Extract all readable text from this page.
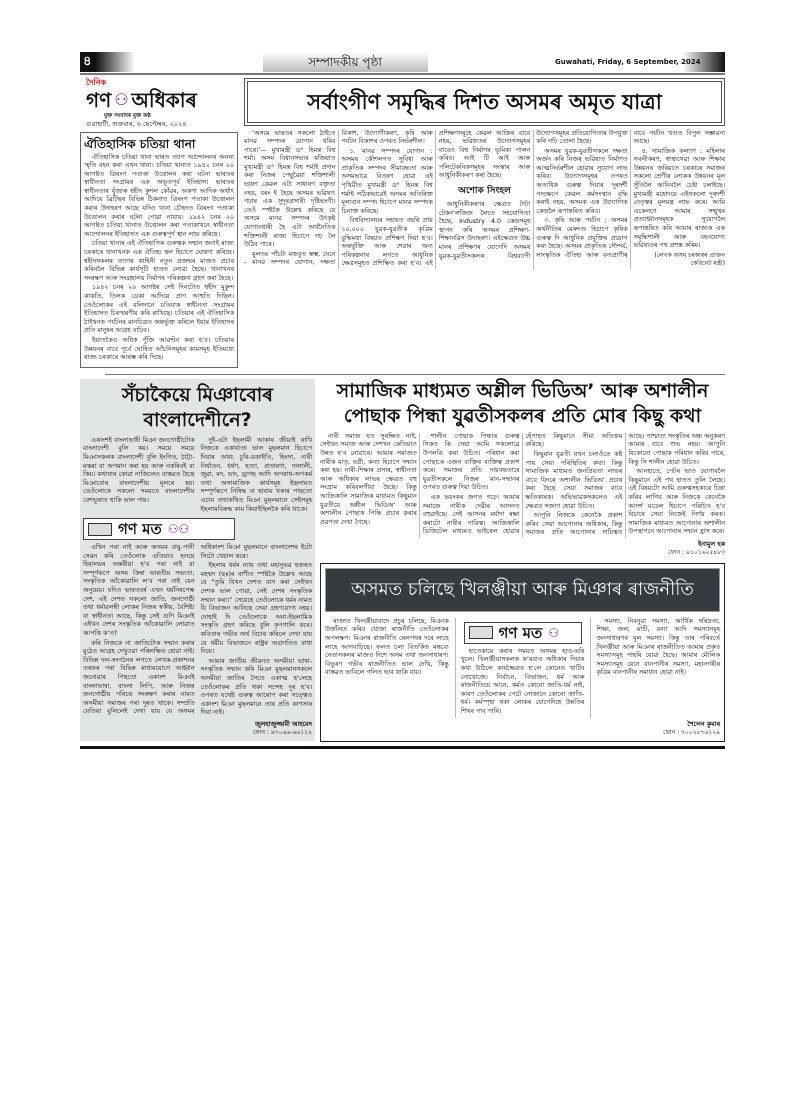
৪	সম্পাদকীয় পৃষ্ঠা	Guwahati, Friday, 6 September, 2024
দৈনিক
গণ ⚇ অধিকাৰ
মুক্ত সংবাদৰ মুক্ত কণ্ঠ
গুৱাহাটী, শুক্ৰবাৰ, ৬ ছেপ্টেম্বৰ, ২০২৪
ঐতিহাসিক চতিয়া থানা

ঐতিহাসিক চতিয়া থানা ভাৰত ত্যাগ আন্দোলনৰ অনন্য স্মৃতি বহন কৰা এখন থানা। চতিয়া থানাত ১৯৪২ চনৰ ২০ আগষ্টত ত্ৰিৰংগ পতাকা উত্তোলন কৰা ঘটনা ভাৰতৰ স্বাধীনতা সংগ্ৰামৰ এক অভূতপূৰ্ব ইতিহাস। ভাৰতৰ স্বাধীনতাৰ যুঁজাৰু শ্বহীদ কুশল কোঁৱৰ, অকণা আদিক অৰ্থাৎ আদিয়ে ব্ৰিটিছৰ বিভিন্ন ঠিকনাত ত্ৰিৰংগ পতাকা উত্তোলন কৰাৰ উদাহৰণ আছে যদিও থানা চৌহদত ত্ৰিৰংগ পতাকা উত্তোলন কৰাৰ ঘটনা পোৱা নাযায়। ১৯৪২ চনৰ ২০ আগষ্টত চতিয়া থানাত উত্তোলন কৰা পতাকাখনে স্বাধীনতা আন্দোলনৰ ইতিহাসত এক গুৰুত্বপূৰ্ণ স্থান লাভ কৰিছে।

চতিয়া থানাৰ এই ঐতিহাসিক গুৰুত্বক সন্মান জনাই ৰাজ্য চৰকাৰে থানাখনক এক ঐতিহ্য স্থল হিচাপে ঘোষণা কৰিছে। শ্বহীদসকলৰ ত্যাগৰ কাহিনী নতুন প্ৰজন্মৰ মাজত প্ৰচাৰ কৰিবলৈ বিভিন্ন কাৰ্যসূচী হাতত লোৱা হৈছে। থানাখনৰ সংৰক্ষণ আৰু সংগ্ৰহালয় নিৰ্মাণৰ পৰিকল্পনা গ্ৰহণ কৰা হৈছে।

১৯৪২ চনৰ ২০ আগষ্টৰ সেই দিনটোত শ্বহীদ মুকুন্দ কাকতি, তিলক ডেকা আদিয়ে প্ৰাণ আহুতি দিছিল। তেওঁলোকৰ এই বলিদানে চতিয়াক স্বাধীনতা সংগ্ৰামৰ ইতিহাসত চিৰস্মৰণীয় কৰি ৰাখিছে। চতিয়াৰ এই ঐতিহাসিক ঠাইখনক পৰ্যটনৰ মানচিত্ৰত অন্তৰ্ভুক্ত কৰিলে ইয়াৰ ইতিহাসৰ প্ৰতি মানুষৰ আগ্ৰহ বাঢ়িব।

ইয়াতকৈও অধিক পুঁজি আৱণ্টন কৰা হ’ব। চতিয়াৰ উন্নয়নৰ বাবে পূৰ্বে ঘোষিত আঁচনিসমূহৰ কামসমূহ ইতিমধ্যে ৰাজ্য চৰকাৰে আৰম্ভ কৰি দিছে।

সৰ্বাংগীণ সমৃদ্ধিৰ দিশত অসমৰ অমৃত যাত্ৰা

‘অসমে ভাৰতৰ সকলো ঠাইতে মানৱ সম্পদৰ যোগান ধৰিব পাৰে।’— মুখ্যমন্ত্ৰী ড° হিমন্ত বিশ্ব শৰ্মা। অসম বিধানসভাৰ মজিয়াত মুখ্যমন্ত্ৰী ড° হিমন্ত বিশ্ব শৰ্মাই প্ৰদান কৰা নিজৰ পেছুৱৈয়া শক্তিশালী ভাষণ কেৱল এটা সাধাৰণ বক্তৃতা নহয়, বৰং ই হৈছে অসমৰ ভৱিষ্যৎ গঢ়াৰ এক সুদূৰপ্ৰসাৰী দৃষ্টিভংগী। তেওঁ স্পষ্টকৈ উল্লেখ কৰিছে যে অসমে মানৱ সম্পদৰ উৎকৃষ্ট যোগানধাৰী হৈ এটা অৰ্থনৈতিক শক্তিশালী ৰাজ্য হিচাপে গঢ় লৈ উঠিব পাৰে।

মুলতঃ পাঁচটা মজবুত স্তম্ভ, যেনে - মানৱ সম্পদৰ যোগান, দক্ষতা বিকাশ, উদ্যোগীকৰণ, কৃষি আৰু পৰ্যটন বিকাশৰ ওপৰত নিৰ্ভৰশীল।

১. মানৱ সম্পদৰ যোগান : অসমৰ কৌশলগত সুবিধা আৰু প্ৰাকৃতিক সম্পদৰ সীমাবদ্ধতা আৰু অসমভাৱে বিতৰণ হোৱা এই পৃথিৱীত মুখ্যমন্ত্ৰী ড° হিমন্ত বিশ্ব শৰ্মাই সঠিকভাৱেই অসমৰ অতিৰিক্ত মূল্যবান সম্পদ হিচাপে মানৱ সম্পদক চিনাক্ত কৰিছে।

বিশ্ববিদ্যালয়ৰ সহায়ত বছৰি প্ৰায় ১০,০০০ যুৱক-যুৱতীক কৃত্ৰিম বুদ্ধিমত্তা বিষয়ত প্ৰশিক্ষণ দিয়া হ’ব। অন্তৰ্ভুক্তি আৰু শেৱাৰ অন্য পৰিকল্পনাৰ লগতে আধুনিক ক্ষেত্ৰসমূহত প্ৰশিক্ষিত কৰা হ’ব। এই প্ৰশিক্ষণসমূহে কেৱল আজিৰ বাবে নহয়, ভৱিষ্যতৰ উদ্যোগসমূহৰ বাবেও বিশ্ব নিৰ্মাণৰ ভূমিকা পালন কৰিব। আই টি আই আৰু পলিটেকনিকসমূহৰ সংস্কাৰ আৰু আধুনিকীকৰণ কৰা হৈছে।

অশোক সিংহল

আধুনিকীকৰণৰ ক্ষেত্ৰত টাটা টেকন’লজিজ লৈতে সহযোগিতা হৈছে, Industry 4.0 কেন্দ্ৰসমূহ স্থাপন কৰি অসমৰ প্ৰশিক্ষণ-শিক্ষানৱিস উদাহৰণ। এইক্ষেত্ৰত উচ্চ মানৰ প্ৰশিক্ষণৰ যোগেদি অসমৰ যুৱক-যুৱতীসকলক বিশ্বব্যাপী উদ্যোগসমূহৰ প্ৰতিযোগিতাৰ উপযুক্ত কৰি গঢ়ি তোলা হৈছে।

অসমৰ যুৱক-যুৱতীসকলে দক্ষতা অৰ্জন কৰি নিজৰ ভৱিষ্যত নিৰ্মাণত আত্মনিৰ্ভৰশীল হোৱাৰ সুযোগ লাভ কৰিব। উদ্যোগসমূহৰ ওপৰত অত্যধিক গুৰুত্ব দিয়াৰ দূৰদৰ্শী পদক্ষেপে কেৱল কৰ্মসংস্থান বৃদ্ধি কৰাই নহয়, অসমক এক উদ্যোগিক কেন্দ্ৰলৈ ৰূপান্তৰিত কৰিব।

৩. কৃষি আৰু পৰ্যটন : অসমৰ অৰ্থনীতিৰ মেৰুদণ্ড হিচাপে কৃষিক গুৰুত্ব দি আধুনিক প্ৰযুক্তিৰ প্ৰয়োগ কৰা হৈছে। অসমৰ প্ৰাকৃতিক সৌন্দৰ্য, সাংস্কৃতিক ঐতিহ্য আৰু বন্যপ্ৰাণীৰ বাবে পৰ্যটন খণ্ডত বিপুল সম্ভাৱনা আছে।

৪. সামাজিক কল্যাণ : মহিলাৰ সবলীকৰণ, স্বাস্থ্যসেৱা আৰু শিক্ষাৰ উন্নয়নৰ জৰিয়তে চৰকাৰে সমাজৰ সকলো শ্ৰেণীৰ লোকক উন্নয়নৰ মূল সুঁতিলৈ আনিবলৈ চেষ্টা চলাইছে। মুখ্যমন্ত্ৰী মহোদয়ে এইসকলো দূৰদৰ্শী নেতৃত্বৰ মূলমন্ত্ৰ লাভ কৰে। আমি একেলগে আমাৰ সন্মুখৰ প্ৰত্যাহ্বানসমূহক সুযোগলৈ ৰূপান্তৰিত কৰি আমাৰ ৰাজ্যক এক সমৃদ্ধিশালী আৰু বহনযোগ্য ভৱিষ্যতৰ পথ প্ৰশস্ত কৰিম।

(লেখক অসম চৰকাৰৰ প্ৰাক্তন কেবিনেট মন্ত্ৰী)

সঁচাকৈয়ে মিঞাবোৰ বাংলাদেশীনে?

একাংশই বাংলাভাষী মিঞা জনগোষ্ঠীটোক বাংলাদেশী বুলি কয়। সময়ে সময়ে মিঞাসকলক বাংলাদেশী বুলি ইংগিত, ঠাট্টা-মস্কৰা বা অপমান কৰা হয় আৰু নকৰিবই বা কিয়। কথাষাৰ কোৱা নাজিলেও বাস্তৱত হৈছে মিঞাবোৰ বাংলাদেশীয় মূলৰে হয়। তেওঁলোকে সকলো সময়তে বাংলাদেশীয় বেশভূষাত থাকি ভাল পায়।

দুই-এটা ইছলামী আকাৰ জীয়াই ৰাখি নিজকে একাৰ্য্যতা ভাল মুছলমান হিচাপে দিয়াৰ অথচ চুৰি-ডকাইতি, হিংসা, নাৰী নিৰ্যাতন, ধৰ্ষণ, হত্যা, প্ৰতাৰণা, দালালী, জুৱা, মদ, ভাং, ড্ৰাগছ আদি অপৰাধ-অপকৰ্ম তথা অসামাজিক কাৰ্যসমূহ ইছলামত সম্পূৰ্ণৰূপে নিষিদ্ধ বা হাৰাম থকাৰ পাছতো এচাম তথাকথিত মিঞা মুছলমানে সেইসমূহ ইছলামবিৰুদ্ধ কাম কিয়াইছিলকৈ কৰি থাকে।

গণ মত ⚇⚇

এখিন পৰা নাই আৰু অসমৰ বায়ু-পানী সেৱন কৰি তেওঁলোক এতিয়াও হৃদয়ে হিমালয়ৰ অন্তৰীয়া হ’ব পৰা নাই বা সম্পূৰ্ণৰূপে অসম কিম্বা ভাৰতীয় সভ্যতা, সংস্কৃতিক আঁকোৱালি ল’ব পৰা নাই যেন অনুমেয়। যদিও ভাৰতবৰ্ষ এখন ধৰ্মনিৰপেক্ষ দেশ, এই দেশত সকলো জাতি, জনগোষ্ঠী তথা ধৰ্মাৱলম্বী লোকৰ নিজৰ স্বকীয়, বৈশিষ্ট্য বা স্বাধীনতা আছে, কিন্তু সেই গুণি মিঞাই এইখন দেশৰ সংস্কৃতিক আঁকোৱালি লোৱাত আপত্তি ক’ত?

কৰি নিজকে না জাতিটোক সন্মান কৰাৰ মুঠেও আগ্ৰহ দেখুওৱা পৰিলক্ষিত হোৱা নাই। বিভিন্ন দল-সংগঠনৰ লগতে লেখক-প্ৰকাশনৰ তৰফৰ পৰা বিভিন্ন মাধ্যমযোগে আহ্বান জনোৱাৰ পিছতো একাংশ মিঞাই বাংলাভাষা, বাংলা লিপি, আৰু নিজৰ জনগোষ্ঠীয় পৰিচয় সংৰক্ষণ কৰাৰ নামত অসমীয়া সমাজৰ পৰা দূৰত থাকে। সম্প্ৰতি যেতিয়া বুলিলেই দেখা যায় যে অসমৰ অধিকাংশ মিঞা মুছলমানে বাংলাদেশৰ ইটো সিটো খেয়াল কৰে।

ইছলাম ধৰ্মৰ ন্যায় তথা মহানুভৱ হজৰত মহম্মদ (ছঃ)ৰ বাণীত স্পষ্টকৈ উল্লেখ আছে যে “তুমি যিখন দেশত বাস কৰা সেইখন দেশক ভাল পোৱা, সেই দেশৰ সংস্কৃতিক সন্মান কৰা।” সেয়েহে তেওঁলোকে ধৰ্মৰ নামত যি বিভাজন আনিছে সেয়া গ্ৰহণযোগ্য নহয়। দোহাই দি তেওঁলোকে অনা-ইছলামিক সংস্কৃতি গ্ৰহণ কৰিছে বুলি কৃপণালি কৰে। কবিতাৰ গভীৰ অৰ্থ বিচাৰ কৰিলে দেখা যায় যে ধৰ্মীয় বিভাজনে ৰাষ্ট্ৰৰ অগ্ৰগতিত বাধা দিয়ে।

আমাৰ জাতীয় জীৱনত অসমীয়া ভাষা-সংস্কৃতিক সন্মান কৰি মিঞা মুছলমানসকলে অসমীয়া জাতিৰ সৈতে একাত্ম হ’লেহে তেওঁলোকৰ প্ৰতি থকা সন্দেহ দূৰ হ’ব। ওপৰত যথেষ্ট গুৰুত্ব আৰোপ কৰা সত্ত্বেও একাংশ মিঞা মুছলমানে তাৰ প্ৰতি কাণসাৰ দিয়া নাই।

জুলহাজুজ্জামী আহমেদ
ফোন : ৯৭০৬৬-৬৬১১২
সামাজিক মাধ্যমত অশ্লীল ভিডিঅ’ আৰু অশালীন
পোছাক পিন্ধা যুৱতীসকলৰ প্ৰতি মোৰ কিছু কথা

নাৰী সমাজ যত সুৰক্ষিত নাই, সেইখন সমাজ আৰু দেশখন কেতিয়াও উন্নত হ’ব নোৱাৰে। আমাৰ সমাজত নাৰীক মাতৃ, ভগ্নী, কন্যা হিচাপে সন্মান কৰা হয়। নাৰী-শিক্ষাৰ প্ৰসাৰ, স্বাধীনতা আৰু অধিকাৰ লাভৰ ক্ষেত্ৰত বহু সংগ্ৰাম কৰিবলগীয়া হৈছে। কিন্তু আজিকালি সামাজিক মাধ্যমত কিছুমান যুৱতীয়ে অশ্লীল ভিডিঅ’ আৰু অশালীন পোছাক পিন্ধি প্ৰচাৰ কৰাৰ প্ৰৱণতা দেখা গৈছে।

শালীন পোছাক পিন্ধাৰ গুৰুত্ব সিকত কি সেয়া আমি সকলোৱে উপলব্ধি কৰা উচিত। পৰিধান কৰা পোছাকে এজন ব্যক্তিৰ ব্যক্তিত্ব প্ৰকাশ কৰে। সমাজৰ প্ৰতি দায়বদ্ধতাৰে যুৱতীসকলে নিজৰ মান-সন্মানৰ ওপৰত গুৰুত্ব দিয়া উচিত।

এক ভয়ংকৰ জগত গঢ়ে। আমাৰ সমাজে নাৰীক দেৱীৰ আসনত বহুৱাইছে। সেই আসনৰ মৰ্যাদা ৰক্ষা কৰাটো নাৰীৰ দায়িত্ব। আজিকালি ডিজিটেল মাধ্যমত ভাইৰেল হোৱাৰ হেঁপাহত কিছুমানে সীমা অতিক্ৰম কৰিছে।

কিছুমান যুৱতী যখন চলাওঁতে কষ্ট পায় সেয়া পৰিস্থিতিৰ কথা। কিন্তু সামাজিক মাধ্যমত জনপ্ৰিয়তা লাভৰ বাবে যিদৰে অশালীন ভিডিঅ’ প্ৰচাৰ কৰা হৈছে সেয়া সমাজৰ বাবে ক্ষতিকাৰক। অভিভাৱকসকলেও এই ক্ষেত্ৰত সজাগ হোৱা উচিত।

আপুনি নিজকে কেনেকৈ প্ৰকাশ কৰিব সেয়া আপোনাৰ অধিকাৰ, কিন্তু সমাজৰ প্ৰতি আপোনাৰ দায়িত্বও আছে। পাশ্চাত্য সংস্কৃতিৰ অন্ধ অনুকৰণ আমাৰ বাবে শুভ নহয়। আপুনি যিকোনো পোছাক পৰিধান কৰিব পাৰে, কিন্তু সি শালীন হোৱা উচিত।

আনহাতে, পেটৰ ভাত যোগাবলৈ কিছুমানে এই পথ হাতত তুলি লৈছে। এই বিষয়টো আমি গুৰুত্বসহকাৰে চিন্তা কৰিব লাগিব আৰু নিজকে কেনেকৈ আদৰ্শ মডেল হিচাপে পৰিচিত হ’ব বিচাৰে সেয়া নিজেই নিৰ্ণয় কৰক। সামাজিক মাধ্যমত আপোনাৰ অশালীন উপস্থাপনে আপোনাৰ সন্মান হ্ৰাস কৰে।

ইনামুল হক
ফোন : ৯১০১৬২৫৪৮৩
অসমত চলিছে খিলঞ্জীয়া আৰু মিঞাৰ ৰাজনীতি

ৰাজ্যত খিলঞ্জীয়াবাদে প্ৰচুৰ চলিছে, মিঞাক উৰ্জলিত কৰিব খোজা ৰাজনীতি তেওঁলোকৰ অপলক্ষণ। মিঞাৰ ৰাজনীতি ৰেলপথৰ দৰে লাহে লাহে আগবাঢ়িছে। ফলত চলা বিতৰ্কিত মন্তব্যে নেতাসকলৰ মাজত দিশে অসম তথা জনসাধাৰণ। বিভুৰণ গভীৰ ৰাজনীতিত ভাল দেখি, কিন্তু বাস্তৱত ভাবিলে গলিত ভাব থাকি যায়।

গণ মত ⚇

হাতেকামে কৰাৰ সময়ত অসমৰ হাত-ভৰি খুলে। খিলঞ্জীয়াসকলক ক’ৰবাত অধিকাৰ দিয়াৰ কথা উঠিলে কাৰ্যক্ষেত্ৰত হ’লে কোনেও খাটিব নোখোজে। নিৰ্বাচন, বিভাজন, ধৰ্ম আৰু ৰাজনীতিয়ে আনে, কৰ্মত কোনো জাতি-ধৰ্ম নাই, কাৰণ তেওঁলোকৰ পেটে নোজানে কোনো জাতি-ধৰ্ম। কৰ্মস্পৃহা থকা লোকৰ যোগেদিহে উন্নতিৰ শিখৰ পাব পাৰি।

সমস্যা, নিবনুৱা সমস্যা, আৰ্থিক দৰিদ্ৰতা, শিক্ষা, জল, মাটি, বন্যা আদি সমস্যাসমূহ জনসাধাৰণৰ মূল সমস্যা। কিন্তু তাৰ পৰিবৰ্তে খিলঞ্জীয়া আৰু মিঞাৰ ৰাজনীতিত আমাৰ প্ৰকৃত সমস্যাসমূহ পাহৰি যোৱা হৈছে। আমাৰ মৌলিক সমস্যাসমূহ যেনে বানপানীৰ সমস্যা, মহানগৰীৰ কৃত্ৰিম বানপানীৰ সমাধান হোৱা নাই।

শৈলেন কুমাৰ
ফোন : ৭০০২৮৭৬১২৯
